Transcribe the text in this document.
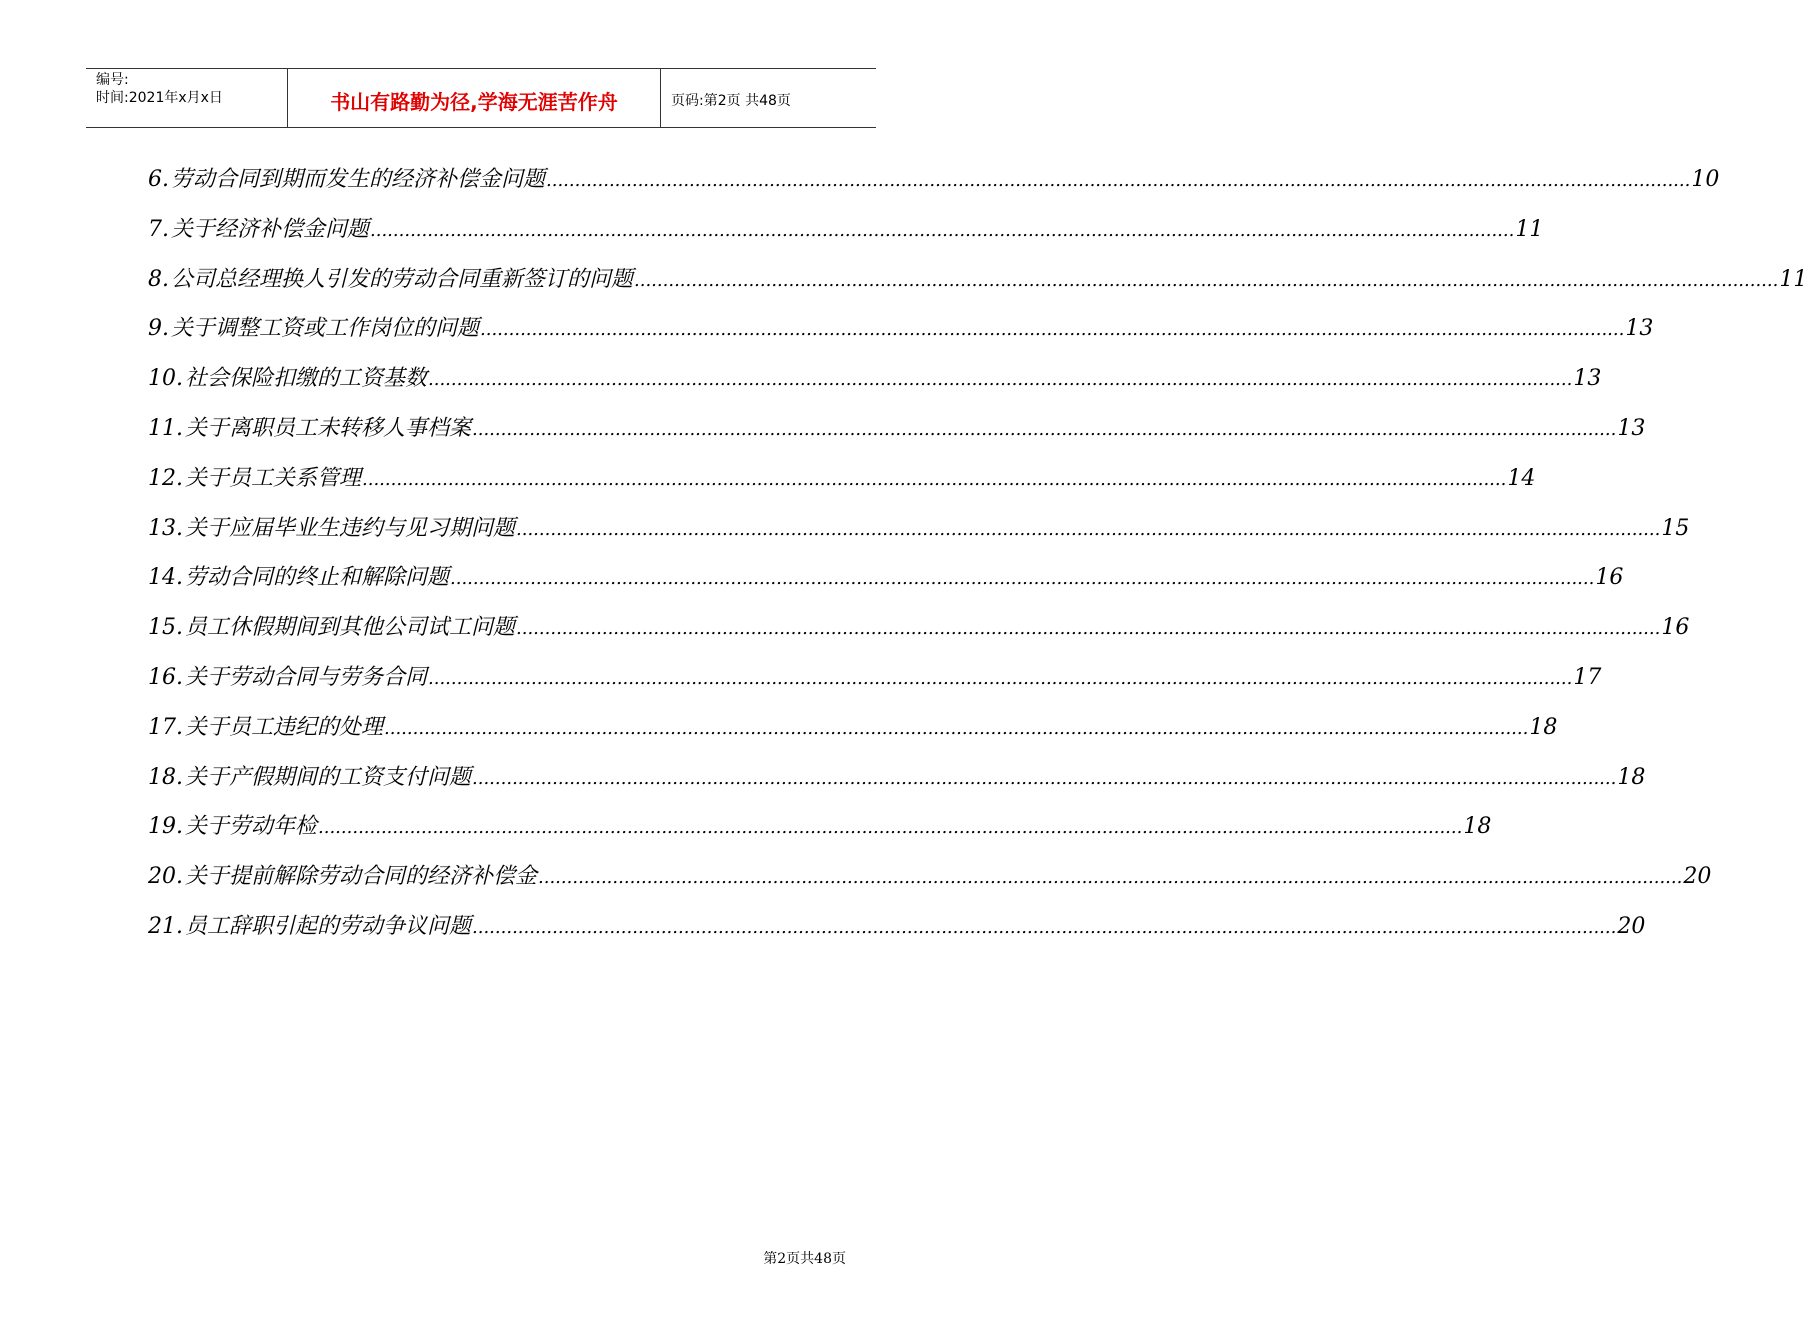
编号:
时间:2021年x月x日	书山有路勤为径,学海无涯苦作舟	页码:第2页 共48页
6. 劳动合同到期而发生的经济补偿金问题 ........................................................................................................................................................................................................ 10
7. 关于经济补偿金问题 ........................................................................................................................................................................................................ 11
8. 公司总经理换人引发的劳动合同重新签订的问题 ........................................................................................................................................................................................................ 11
9. 关于调整工资或工作岗位的问题 ........................................................................................................................................................................................................ 13
10. 社会保险扣缴的工资基数 ........................................................................................................................................................................................................ 13
11. 关于离职员工未转移人事档案 ........................................................................................................................................................................................................ 13
12. 关于员工关系管理 ........................................................................................................................................................................................................ 14
13. 关于应届毕业生违约与见习期问题 ........................................................................................................................................................................................................ 15
14. 劳动合同的终止和解除问题 ........................................................................................................................................................................................................ 16
15. 员工休假期间到其他公司试工问题 ........................................................................................................................................................................................................ 16
16. 关于劳动合同与劳务合同 ........................................................................................................................................................................................................ 17
17. 关于员工违纪的处理 ........................................................................................................................................................................................................ 18
18. 关于产假期间的工资支付问题 ........................................................................................................................................................................................................ 18
19. 关于劳动年检 ........................................................................................................................................................................................................ 18
20. 关于提前解除劳动合同的经济补偿金 ........................................................................................................................................................................................................ 20
21. 员工辞职引起的劳动争议问题 ........................................................................................................................................................................................................ 20
第2页共48页
